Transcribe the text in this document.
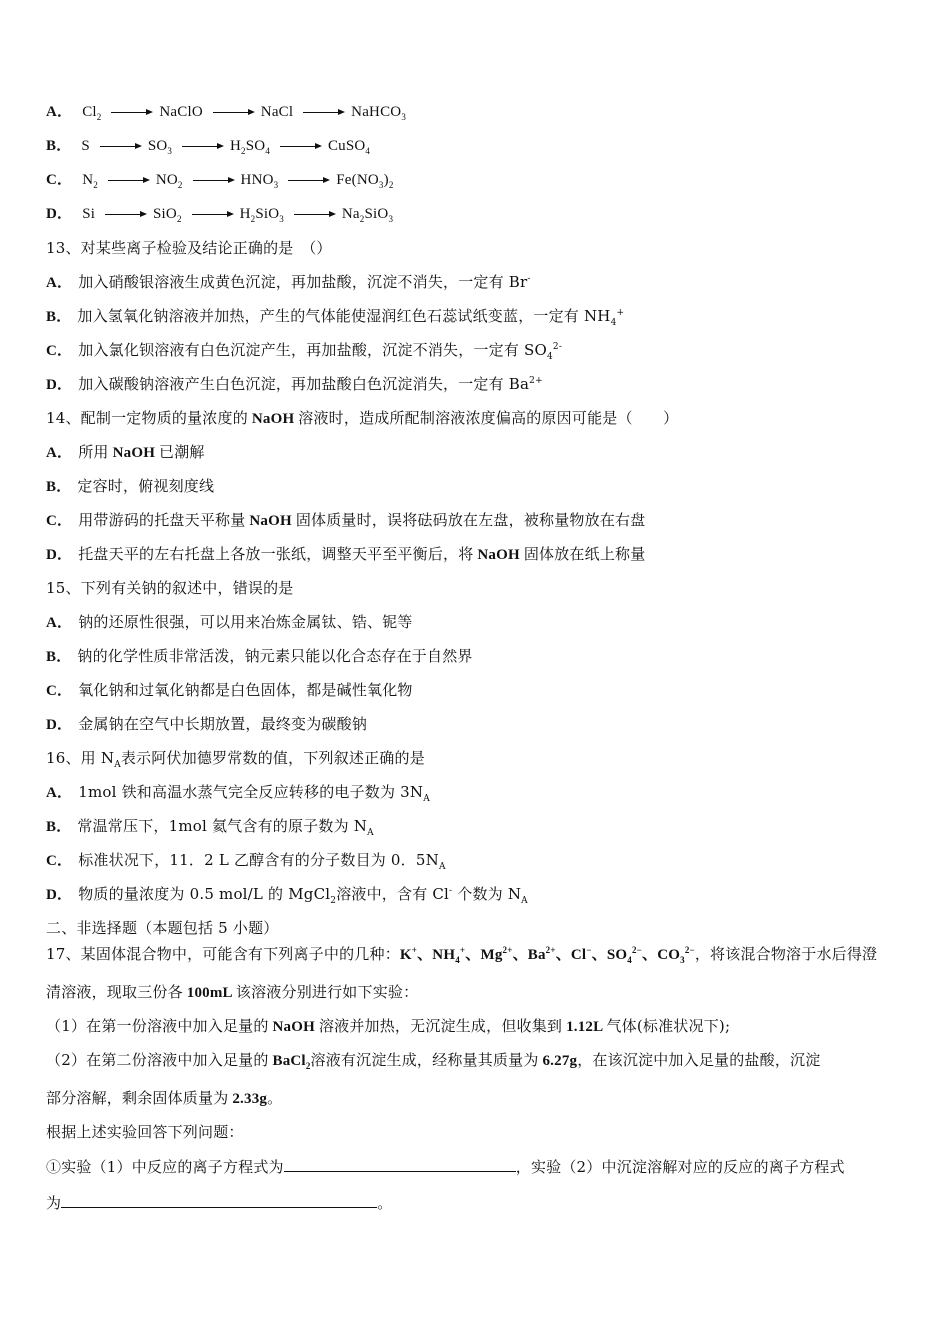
A． $Cl_2$	NaClO	NaCl	NaHCO$_3$
B． S	$SO_3$	$H_2SO_4$	CuSO$_4$
C． $N_2$	$NO_2$	$HNO_3$	$Fe(NO_3)_2$
D． Si	SiO$_2$	$H_2SiO_3$	$Na_2SiO_3$
13、对某些离子检验及结论正确的是　（）
A． 加入硝酸银溶液生成黄色沉淀，再加盐酸，沉淀不消失，一定有 Br-
B． 加入氢氧化钠溶液并加热，产生的气体能使湿润红色石蕊试纸变蓝，一定有 $NH_4^+$
C． 加入氯化钡溶液有白色沉淀产生，再加盐酸，沉淀不消失，一定有 $SO_4^{2-}$
D． 加入碳酸钠溶液产生白色沉淀，再加盐酸白色沉淀消失，一定有 $Ba^{2+}$
14、配制一定物质的量浓度的 NaOH 溶液时，造成所配制溶液浓度偏高的原因可能是（　　）
A． 所用 NaOH 已潮解
B． 定容时，俯视刻度线
C． 用带游码的托盘天平称量 NaOH 固体质量时，误将砝码放在左盘，被称量物放在右盘
D． 托盘天平的左右托盘上各放一张纸，调整天平至平衡后，将 NaOH 固体放在纸上称量
15、下列有关钠的叙述中，错误的是
A． 钠的还原性很强，可以用来冶炼金属钛、锆、铌等
B． 钠的化学性质非常活泼，钠元素只能以化合态存在于自然界
C． 氧化钠和过氧化钠都是白色固体，都是碱性氧化物
D． 金属钠在空气中长期放置，最终变为碳酸钠
16、用 $N_A$表示阿伏加德罗常数的值，下列叙述正确的是
A． 1mol 铁和高温水蒸气完全反应转移的电子数为 $3N_A$
B． 常温常压下，1mol 氦气含有的原子数为 $N_A$
C． 标准状况下，11．2 L 乙醇含有的分子数目为 0．$5N_A$
D． 物质的量浓度为 0.5 mol/L 的 MgCl$_2$溶液中，含有 Cl- 个数为 $N_A$
二、非选择题（本题包括 5 小题）
17、某固体混合物中，可能含有下列离子中的几种：K+、$NH_4^+$、$Mg^{2+}$、$Ba^{2+}$、Cl−、$SO_4^{2-}$、$CO_3^{2-}$，将该混合物溶于水后得澄
清溶液，现取三份各 100mL 该溶液分别进行如下实验：
（1）在第一份溶液中加入足量的 NaOH 溶液并加热，无沉淀生成，但收集到 1.12L 气体(标准状况下);
（2）在第二份溶液中加入足量的 BaCl$_2$溶液有沉淀生成，经称量其质量为 6.27g，在该沉淀中加入足量的盐酸，沉淀
部分溶解，剩余固体质量为 2.33g。
根据上述实验回答下列问题：
①实验（1）中反应的离子方程式为	，实验（2）中沉淀溶解对应的反应的离子方程式
为	。
